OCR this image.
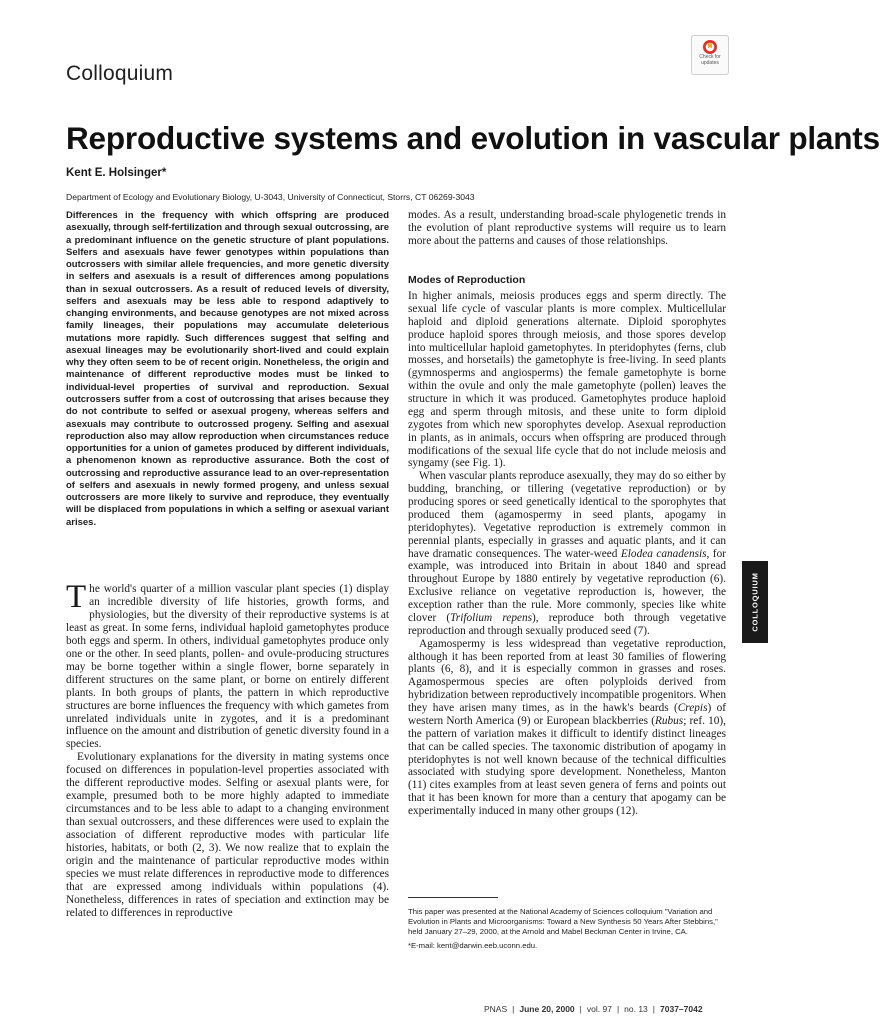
Colloquium
Check for
updates
Reproductive systems and evolution in vascular plants
Kent E. Holsinger*
Department of Ecology and Evolutionary Biology, U-3043, University of Connecticut, Storrs, CT 06269-3043

Differences in the frequency with which offspring are produced asexually, through self-fertilization and through sexual outcrossing, are a predominant influence on the genetic structure of plant populations. Selfers and asexuals have fewer genotypes within populations than outcrossers with similar allele frequencies, and more genetic diversity in selfers and asexuals is a result of differences among populations than in sexual outcrossers. As a result of reduced levels of diversity, selfers and asexuals may be less able to respond adaptively to changing environments, and because genotypes are not mixed across family lineages, their populations may accumulate deleterious mutations more rapidly. Such differences suggest that selfing and asexual lineages may be evolutionarily short-lived and could explain why they often seem to be of recent origin. Nonetheless, the origin and maintenance of different reproductive modes must be linked to individual-level properties of survival and reproduction. Sexual outcrossers suffer from a cost of outcrossing that arises because they do not contribute to selfed or asexual progeny, whereas selfers and asexuals may contribute to outcrossed progeny. Selfing and asexual reproduction also may allow reproduction when circumstances reduce opportunities for a union of gametes produced by different individuals, a phenomenon known as reproductive assurance. Both the cost of outcrossing and reproductive assurance lead to an over-representation of selfers and asexuals in newly formed progeny, and unless sexual outcrossers are more likely to survive and reproduce, they eventually will be displaced from populations in which a selfing or asexual variant arises.

The world's quarter of a million vascular plant species (1) display an incredible diversity of life histories, growth forms, and physiologies, but the diversity of their reproductive systems is at least as great. In some ferns, individual haploid gametophytes produce both eggs and sperm. In others, individual gametophytes produce only one or the other. In seed plants, pollen- and ovule-producing structures may be borne together within a single flower, borne separately in different structures on the same plant, or borne on entirely different plants. In both groups of plants, the pattern in which reproductive structures are borne influences the frequency with which gametes from unrelated individuals unite in zygotes, and it is a predominant influence on the amount and distribution of genetic diversity found in a species.

Evolutionary explanations for the diversity in mating systems once focused on differences in population-level properties associated with the different reproductive modes. Selfing or asexual plants were, for example, presumed both to be more highly adapted to immediate circumstances and to be less able to adapt to a changing environment than sexual outcrossers, and these differences were used to explain the association of different reproductive modes with particular life histories, habitats, or both (2, 3). We now realize that to explain the origin and the maintenance of particular reproductive modes within species we must relate differences in reproductive mode to differences that are expressed among individuals within populations (4). Nonetheless, differences in rates of speciation and extinction may be related to differences in reproductive

modes. As a result, understanding broad-scale phylogenetic trends in the evolution of plant reproductive systems will require us to learn more about the patterns and causes of those relationships.

Modes of Reproduction

In higher animals, meiosis produces eggs and sperm directly. The sexual life cycle of vascular plants is more complex. Multicellular haploid and diploid generations alternate. Diploid sporophytes produce haploid spores through meiosis, and those spores develop into multicellular haploid gametophytes. In pteridophytes (ferns, club mosses, and horsetails) the gametophyte is free-living. In seed plants (gymnosperms and angiosperms) the female gametophyte is borne within the ovule and only the male gametophyte (pollen) leaves the structure in which it was produced. Gametophytes produce haploid egg and sperm through mitosis, and these unite to form diploid zygotes from which new sporophytes develop. Asexual reproduction in plants, as in animals, occurs when offspring are produced through modifications of the sexual life cycle that do not include meiosis and syngamy (see Fig. 1).

When vascular plants reproduce asexually, they may do so either by budding, branching, or tillering (vegetative reproduction) or by producing spores or seed genetically identical to the sporophytes that produced them (agamospermy in seed plants, apogamy in pteridophytes). Vegetative reproduction is extremely common in perennial plants, especially in grasses and aquatic plants, and it can have dramatic consequences. The water-weed Elodea canadensis, for example, was introduced into Britain in about 1840 and spread throughout Europe by 1880 entirely by vegetative reproduction (6). Exclusive reliance on vegetative reproduction is, however, the exception rather than the rule. More commonly, species like white clover (Trifolium repens), reproduce both through vegetative reproduction and through sexually produced seed (7).

Agamospermy is less widespread than vegetative reproduction, although it has been reported from at least 30 families of flowering plants (6, 8), and it is especially common in grasses and roses. Agamospermous species are often polyploids derived from hybridization between reproductively incompatible progenitors. When they have arisen many times, as in the hawk's beards (Crepis) of western North America (9) or European blackberries (Rubus; ref. 10), the pattern of variation makes it difficult to identify distinct lineages that can be called species. The taxonomic distribution of apogamy in pteridophytes is not well known because of the technical difficulties associated with studying spore development. Nonetheless, Manton (11) cites examples from at least seven genera of ferns and points out that it has been known for more than a century that apogamy can be experimentally induced in many other groups (12).

This paper was presented at the National Academy of Sciences colloquium "Variation and Evolution in Plants and Microorganisms: Toward a New Synthesis 50 Years After Stebbins," held January 27–29, 2000, at the Arnold and Mabel Beckman Center in Irvine, CA.

*E-mail: kent@darwin.eeb.uconn.edu.

PNAS | June 20, 2000 | vol. 97 | no. 13 | 7037–7042
COLLOQUIUM
